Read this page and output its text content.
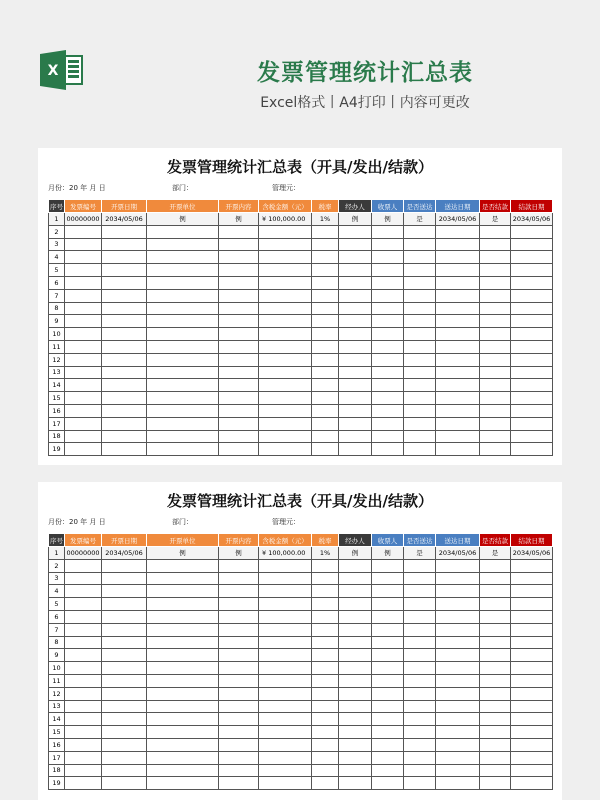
X	发票管理统计汇总表
Excel格式丨A4打印丨内容可更改
发票管理统计汇总表（开具/发出/结款）
月份：20 年 月 日	部门：	管理元：
序号	发票编号	开票日期	开票单位	开票内容	含税金额（元）	税率	经办人	收票人	是否送达	送达日期	是否结款	结款日期
1	00000000	2034/05/06	例	例	¥ 100,000.00	1%	例	例	是	2034/05/06	是	2034/05/06
2												
3												
4												
5												
6												
7												
8												
9												
10												
11												
12												
13												
14												
15												
16												
17												
18												
19												
发票管理统计汇总表（开具/发出/结款）
月份：20 年 月 日	部门：	管理元：
序号	发票编号	开票日期	开票单位	开票内容	含税金额（元）	税率	经办人	收票人	是否送达	送达日期	是否结款	结款日期
1	00000000	2034/05/06	例	例	¥ 100,000.00	1%	例	例	是	2034/05/06	是	2034/05/06
2												
3												
4												
5												
6												
7												
8												
9												
10												
11												
12												
13												
14												
15												
16												
17												
18												
19												
